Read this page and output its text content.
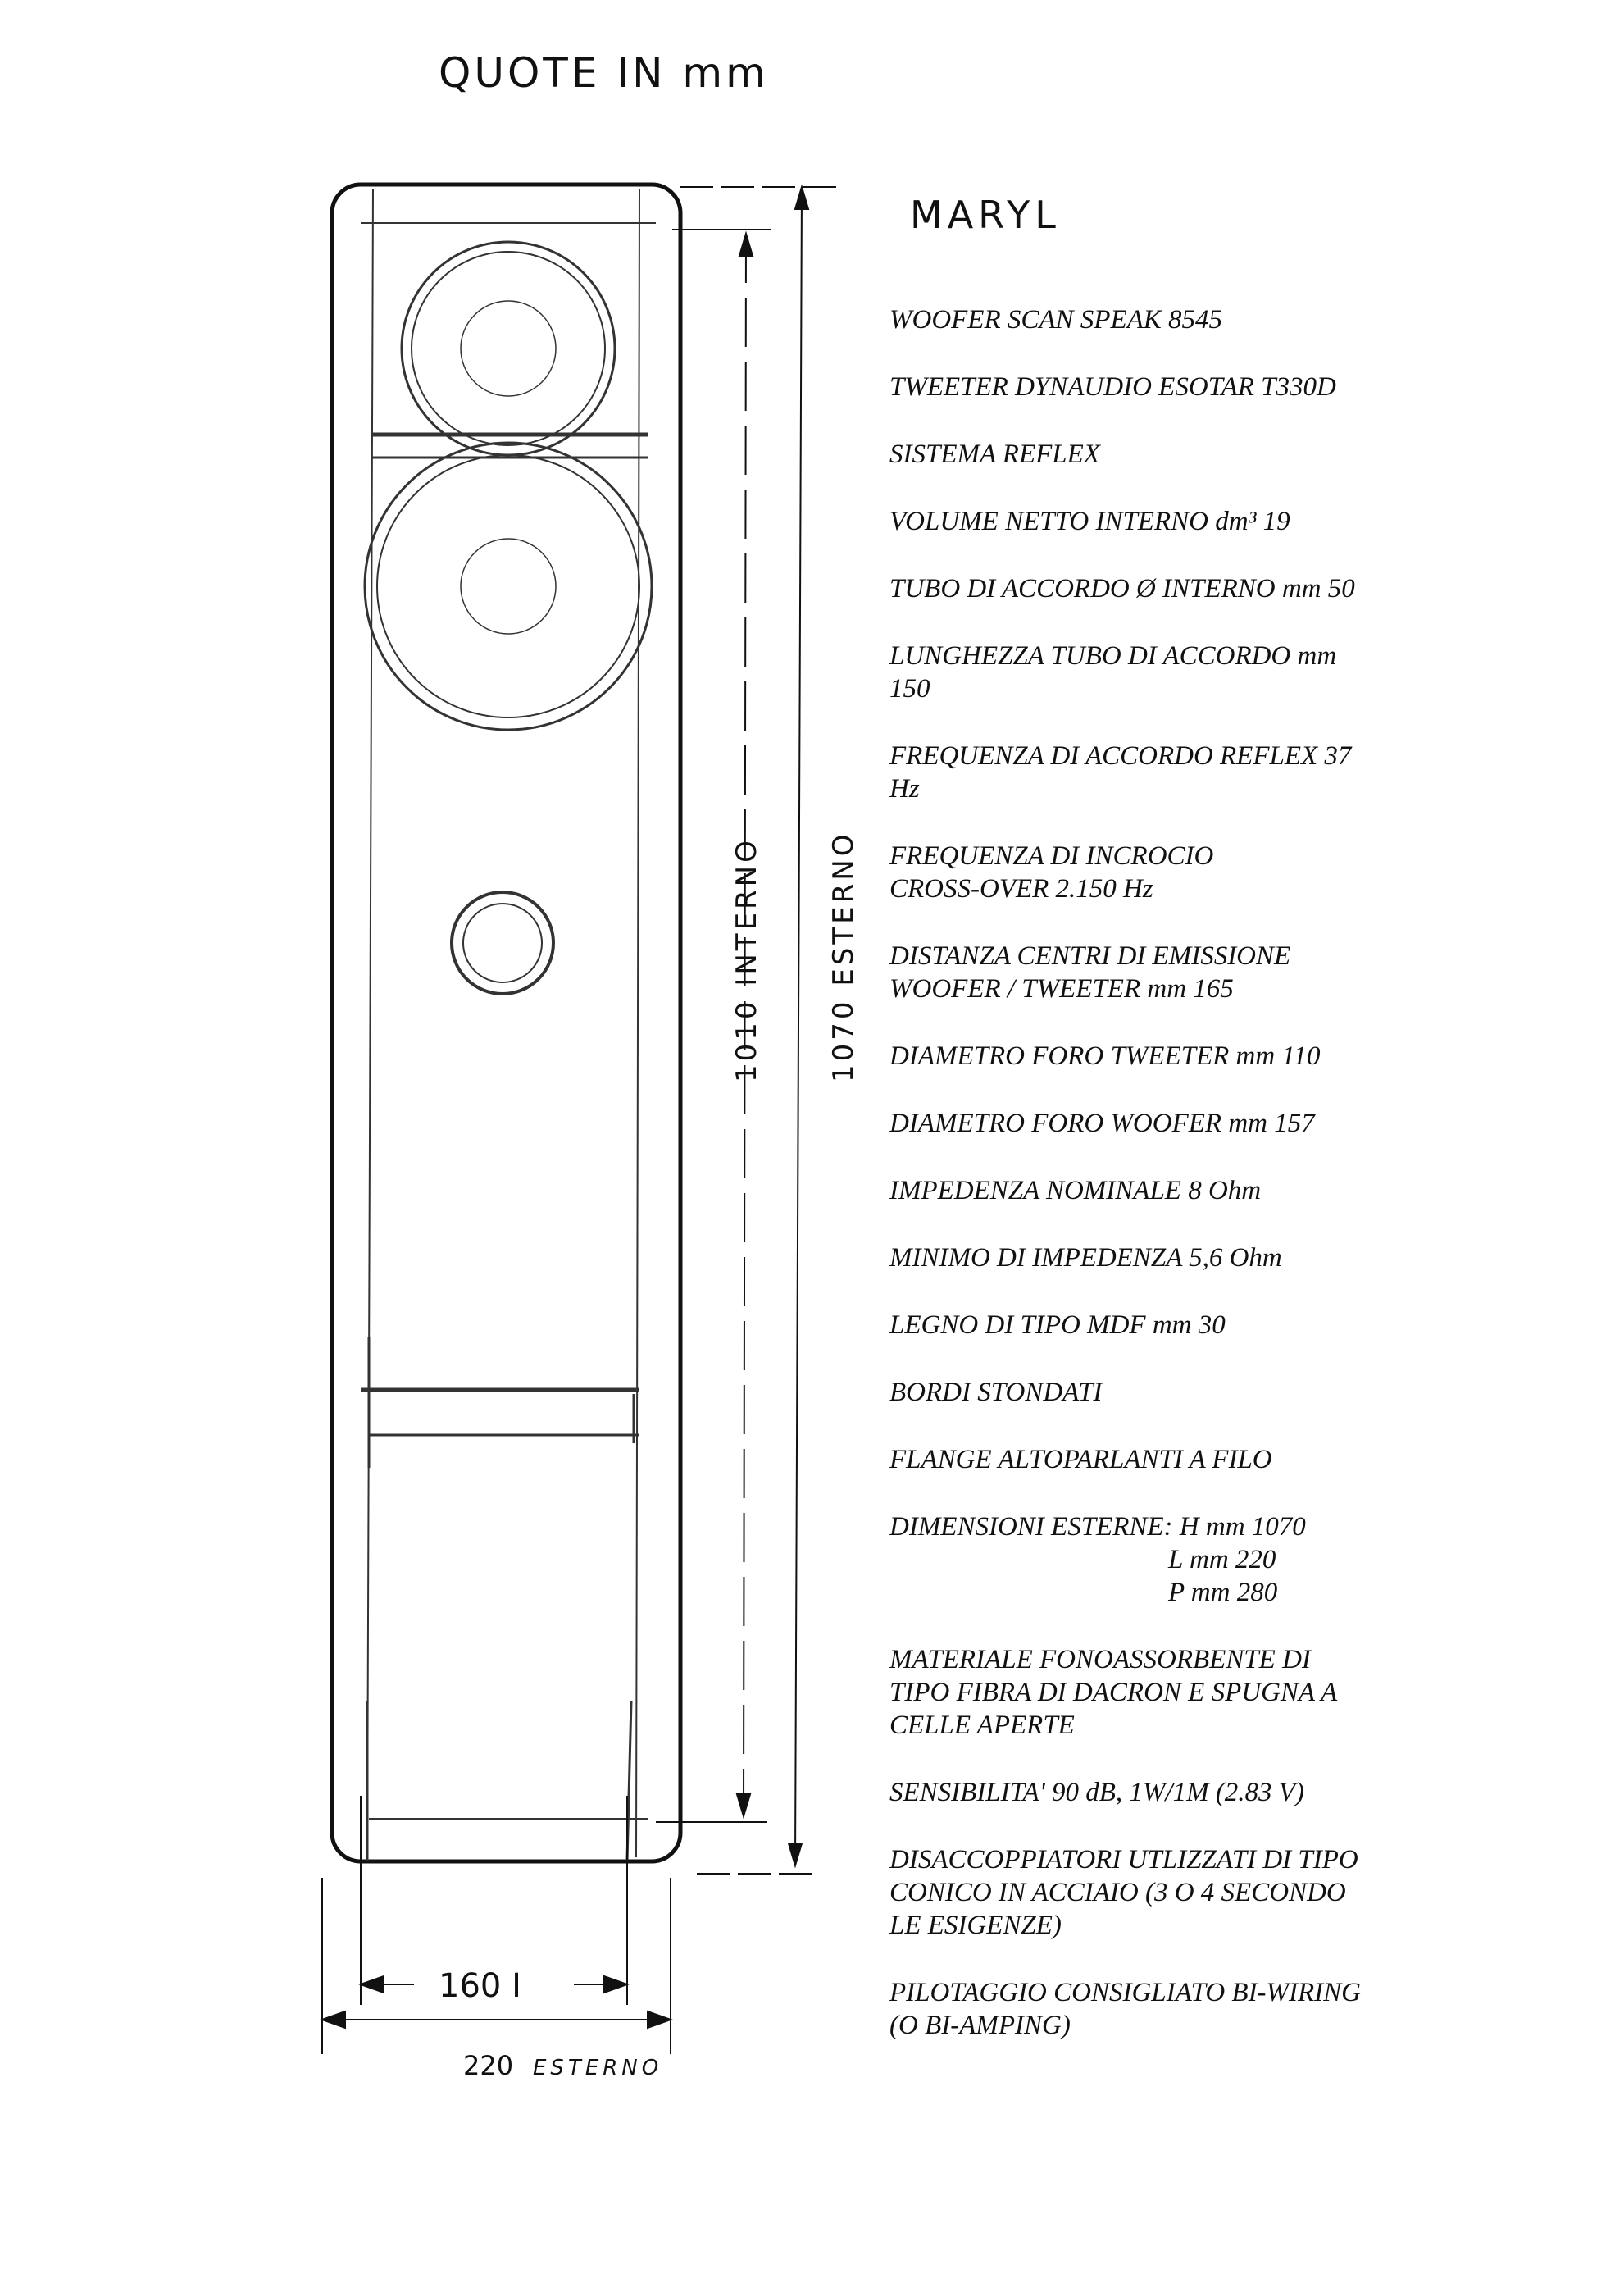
QUOTE IN mm
MARYL
1010 INTERNO 1070 ESTERNO
160 I
220 ESTERNO
WOOFER SCAN SPEAK 8545
TWEETER DYNAUDIO ESOTAR T330D
SISTEMA REFLEX
VOLUME NETTO INTERNO dm³ 19
TUBO DI ACCORDO Ø INTERNO mm 50
LUNGHEZZA TUBO DI ACCORDO mm
150
FREQUENZA DI ACCORDO REFLEX 37
Hz
FREQUENZA DI INCROCIO
CROSS-OVER 2.150 Hz
DISTANZA CENTRI DI EMISSIONE
WOOFER / TWEETER mm 165
DIAMETRO FORO TWEETER mm 110
DIAMETRO FORO WOOFER mm 157
IMPEDENZA NOMINALE 8 Ohm
MINIMO DI IMPEDENZA 5,6 Ohm
LEGNO DI TIPO MDF mm 30
BORDI STONDATI
FLANGE ALTOPARLANTI A FILO
DIMENSIONI ESTERNE: H mm 1070
L mm 220
P mm 280
MATERIALE FONOASSORBENTE DI
TIPO FIBRA DI DACRON E SPUGNA A
CELLE APERTE
SENSIBILITA' 90 dB, 1W/1M (2.83 V)
DISACCOPPIATORI UTLIZZATI DI TIPO
CONICO IN ACCIAIO (3 O 4 SECONDO
LE ESIGENZE)
PILOTAGGIO CONSIGLIATO BI-WIRING
(O BI-AMPING)
